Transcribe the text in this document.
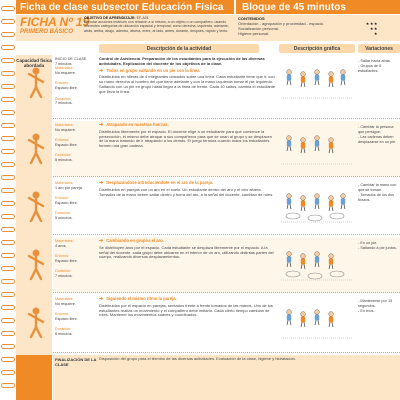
Ficha de clase subsector Educación Física	Bloque de 45 minutos
FICHA Nº 19
PRIMERO BÁSICO
OBJETIVO DE APRENDIZAJE: EF-A01
Ejecutar acciones motrices con relación a sí mismo, a un objeto o un compañero, usando diferentes categorías de ubicación espacial y temporal, como derecha, izquierda, adelante, atrás, arriba, abajo, adentro, afuera, entre, al lado, antes, durante, después, rápido y lento.
CONTENIDOS
Orientación - agrupación y proximidad - espacio.	★★★
Socialización personal.	★★
Higiene personal.	★
Descripción de la actividad	Descripción gráfica	Variaciones
Capacidad física abordada
INICIO DE CLASE
7 minutos
Materiales:
No requiere.
Entorno:
Espacio libre.
Duración:
7 minutos.
Control de Asistencia. Preparación de los estudiantes para la ejecución de las diversas actividades. Explicación del docente de los objetivos de la clase.
➜ Todos en grupo saltando en un pie con la línea
Distribuidos en hileras de 4 integrantes ubicados sobre una línea. Cada estudiante tiene que ir, con su mano derecha al hombro del que tiene adelante y con la mano izquierda tomar el pie izquierdo. Saltando con un pie en grupo hasta llegar a la línea de frente. Cada 10 saltos, cambia el estudiante que lleva la línea.
- Saltar hacia atrás.
- Grupos de 5 estudiantes.
Materiales:
No requiere.
Entorno:
Espacio libre.
Duración:
5 minutos.
➜ Atrapando en nuestras fuerzas.
Distribuidos libremente por el espacio. El docente elige a un estudiante para que comience la persecución, él mismo debe atrapar a sus compañeros para que se unan al grupo y se desplacen de la mano tratando de ir atrapando a los demás. El juego termina cuando todos los estudiantes formen una gran cadena.
- Cambiar la persona que persigue.
- Las cadenas deben desplazarse en un pie.
Materiales:
1 aro por pareja.
Entorno:
Espacio libre.
Duración:
5 minutos.
➜ Desplazándose introduciéndote en el aro de la pareja.
Distribuidos en parejas con un aro en el suelo. Un estudiante dentro del aro y el otro afuera. Tomados de la mano deben saltar dentro y fuera del aro, a la señal del docente, cambian de roles.
- Cambiar la mano con que se toman.
- Tomados de los dos brazos.
Materiales:
4 aros.
Entorno:
Espacio libre.
Duración:
7 minutos.
➜ Cambiando en grupos el aro.
Se distribuyen aros por el espacio. Cada estudiante se desplaza libremente por el espacio. A la señal del docente, cada grupo debe ubicarse en el interior de un aro, utilizando distintas partes del cuerpo, realizando diversos desplazamientos.
- En un pie.
- Saltando a pie juntos.
Materiales:
No requiere.
Entorno:
Espacio libre.
Duración:
6 minutos.
➜ Siguiendo el mismo ritmo la pareja.
Distribuidos por el espacio en parejas, sentados frente a frente tomados de las manos. Uno de los estudiantes realiza un movimiento y el compañero debe imitarlo. Cada cierto tiempo cambian de roles. Mantener los movimientos suaves y coordinados.
- Mantenerse por 15 segundos.
- En tríos.
FINALIZACIÓN DE LA CLASE
Disposición del grupo para el término de las diversas actividades. Evaluación de la clase, higiene y hidratación.
